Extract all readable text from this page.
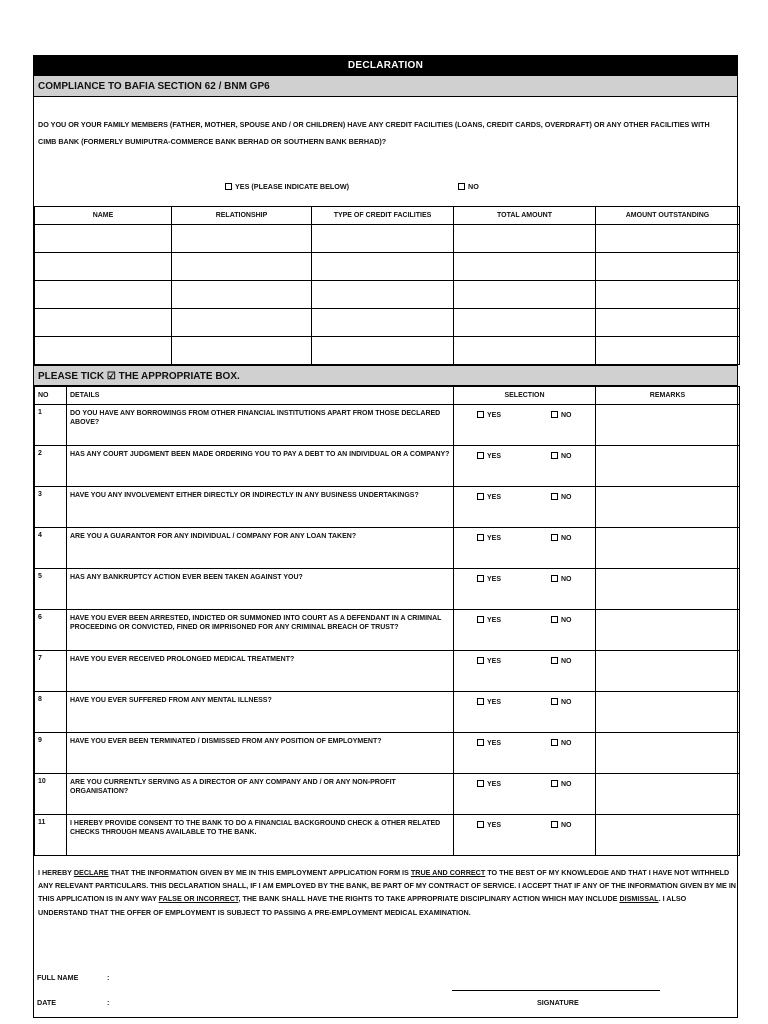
DECLARATION
COMPLIANCE TO BAFIA SECTION 62 / BNM GP6
DO YOU OR YOUR FAMILY MEMBERS (FATHER, MOTHER, SPOUSE AND / OR CHILDREN) HAVE ANY CREDIT FACILITIES (LOANS, CREDIT CARDS, OVERDRAFT) OR ANY OTHER FACILITIES WITH CIMB BANK (FORMERLY BUMIPUTRA-COMMERCE BANK BERHAD OR SOUTHERN BANK BERHAD)?
YES (PLEASE INDICATE BELOW)	NO
NAME	RELATIONSHIP	TYPE OF CREDIT FACILITIES	TOTAL AMOUNT	AMOUNT OUTSTANDING

PLEASE TICK ☑ THE APPROPRIATE BOX.
NO	DETAILS	SELECTION	REMARKS
1	DO YOU HAVE ANY BORROWINGS FROM OTHER FINANCIAL INSTITUTIONS APART FROM THOSE DECLARED ABOVE?	YES NO	

2	HAS ANY COURT JUDGMENT BEEN MADE ORDERING YOU TO PAY A DEBT TO AN INDIVIDUAL OR A COMPANY?	YES NO	

3	HAVE YOU ANY INVOLVEMENT EITHER DIRECTLY OR INDIRECTLY IN ANY BUSINESS UNDERTAKINGS?	YES NO	

4	ARE YOU A GUARANTOR FOR ANY INDIVIDUAL / COMPANY FOR ANY LOAN TAKEN?	YES NO	

5	HAS ANY BANKRUPTCY ACTION EVER BEEN TAKEN AGAINST YOU?	YES NO	

6	HAVE YOU EVER BEEN ARRESTED, INDICTED OR SUMMONED INTO COURT AS A DEFENDANT IN A CRIMINAL PROCEEDING OR CONVICTED, FINED OR IMPRISONED FOR ANY CRIMINAL BREACH OF TRUST?	YES NO	

7	HAVE YOU EVER RECEIVED PROLONGED MEDICAL TREATMENT?	YES NO	

8	HAVE YOU EVER SUFFERED FROM ANY MENTAL ILLNESS?	YES NO	

9	HAVE YOU EVER BEEN TERMINATED / DISMISSED FROM ANY POSITION OF EMPLOYMENT?	YES NO	

10	ARE YOU CURRENTLY SERVING AS A DIRECTOR OF ANY COMPANY AND / OR ANY NON-PROFIT ORGANISATION?	YES NO	

11	I HEREBY PROVIDE CONSENT TO THE BANK TO DO A FINANCIAL BACKGROUND CHECK & OTHER RELATED CHECKS THROUGH MEANS AVAILABLE TO THE BANK.	YES NO	

I HEREBY DECLARE THAT THE INFORMATION GIVEN BY ME IN THIS EMPLOYMENT APPLICATION FORM IS TRUE AND CORRECT TO THE BEST OF MY KNOWLEDGE AND THAT I HAVE NOT WITHHELD ANY RELEVANT PARTICULARS. THIS DECLARATION SHALL, IF I AM EMPLOYED BY THE BANK, BE PART OF MY CONTRACT OF SERVICE. I ACCEPT THAT IF ANY OF THE INFORMATION GIVEN BY ME IN THIS APPLICATION IS IN ANY WAY FALSE OR INCORRECT, THE BANK SHALL HAVE THE RIGHTS TO TAKE APPROPRIATE DISCIPLINARY ACTION WHICH MAY INCLUDE DISMISSAL. I ALSO UNDERSTAND THAT THE OFFER OF EMPLOYMENT IS SUBJECT TO PASSING A PRE-EMPLOYMENT MEDICAL EXAMINATION.
FULL NAME	:
DATE	:	SIGNATURE
